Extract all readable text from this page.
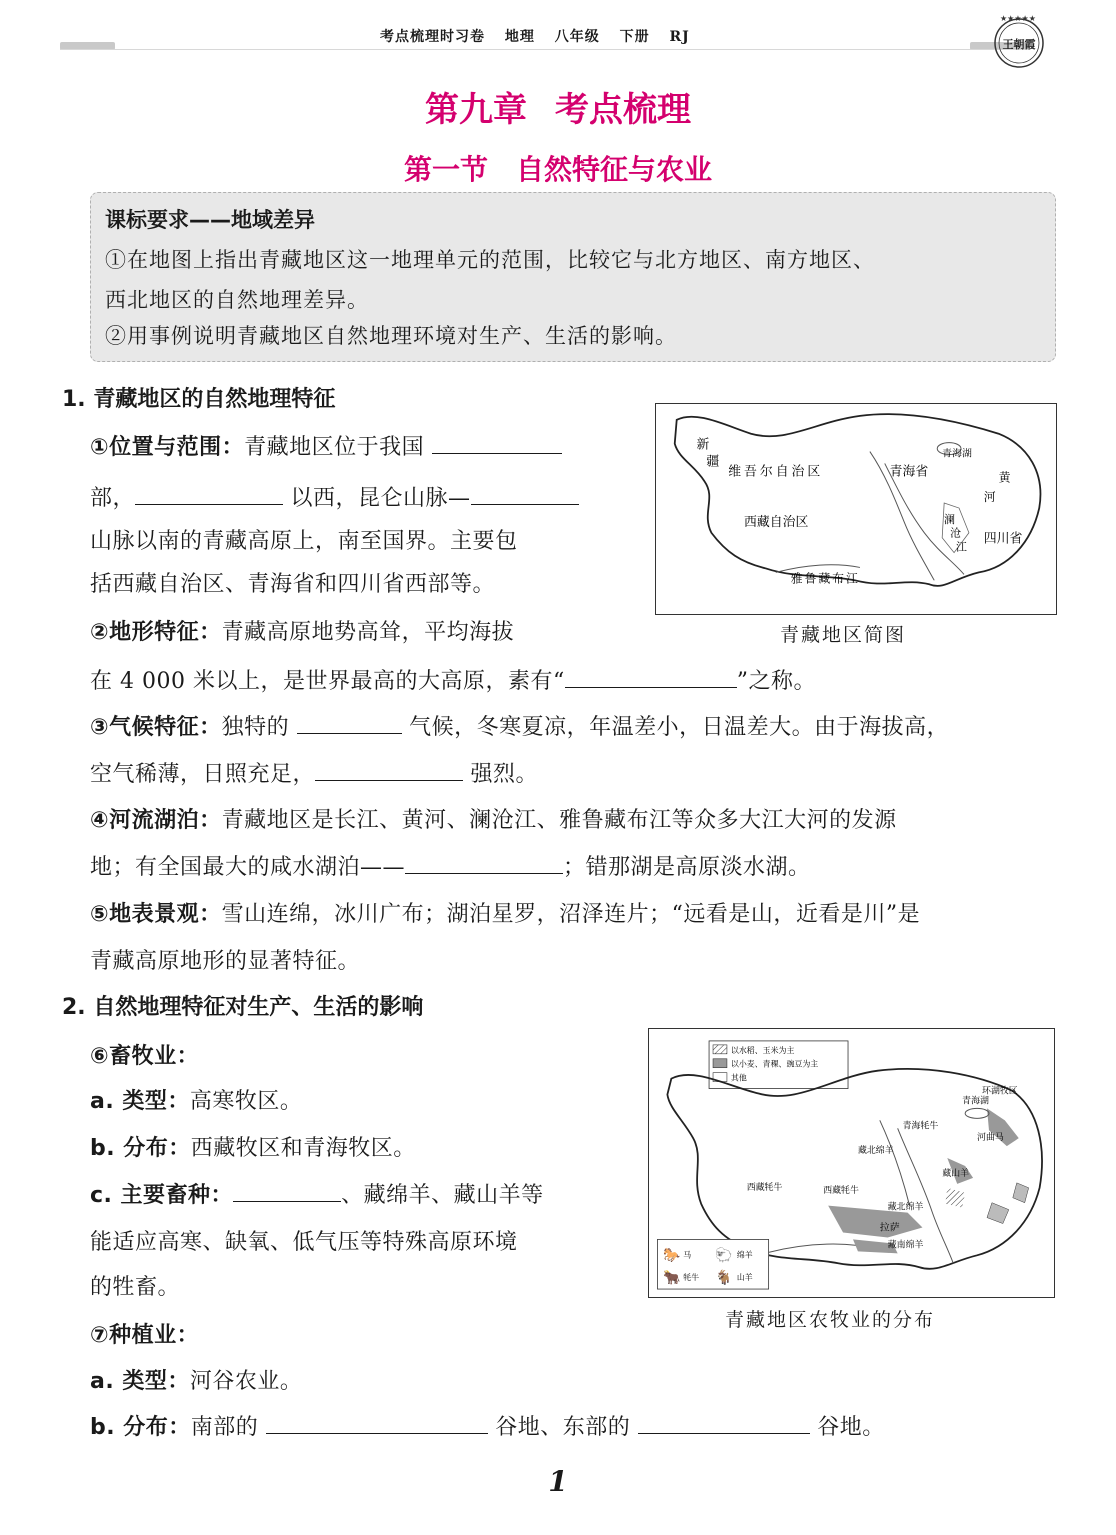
考点梳理时习卷 地理 八年级 下册 RJ
★★★★★
王朝霞
第九章 考点梳理
第一节 自然特征与农业
课标要求——地域差异
①在地图上指出青藏地区这一地理单元的范围，比较它与北方地区、南方地区、
西北地区的自然地理差异。
②用事例说明青藏地区自然地理环境对生产、生活的影响。
1. 青藏地区的自然地理特征
①位置与范围：青藏地区位于我国
部，	以西，昆仑山脉—
山脉以南的青藏高原上，南至国界。主要包
括西藏自治区、青海省和四川省西部等。
②地形特征：青藏高原地势高耸，平均海拔
在 4 000 米以上，是世界最高的大高原，素有“	”之称。
③气候特征：独特的	气候，冬寒夏凉，年温差小，日温差大。由于海拔高，
空气稀薄，日照充足，	强烈。
④河流湖泊：青藏地区是长江、黄河、澜沧江、雅鲁藏布江等众多大江大河的发源
地；有全国最大的咸水湖泊——	；错那湖是高原淡水湖。
⑤地表景观：雪山连绵，冰川广布；湖泊星罗，沼泽连片；“远看是山，近看是川”是
青藏高原地形的显著特征。
新
疆
维吾尔自治区	青海省
青海湖
黄
河
西藏自治区	澜
沧
江
四川省
雅鲁藏布江
青藏地区简图
2. 自然地理特征对生产、生活的影响
⑥畜牧业：
a. 类型：高寒牧区。
b. 分布：西藏牧区和青海牧区。
c. 主要畜种：	、藏绵羊、藏山羊等
能适应高寒、缺氧、低气压等特殊高原环境
的牲畜。
⑦种植业：
a. 类型：河谷农业。
b. 分布：南部的	谷地、东部的	谷地。
以水稻、玉米为主
以小麦、青稞、豌豆为主
其他
青海湖
环湖牧区
青海牦牛
河曲马
藏北绵羊
西藏牦牛	西藏牦牛
藏山羊
藏北绵羊
拉萨
藏南绵羊
🐎 马 🐑 绵羊
🐂 牦牛 🐐 山羊
青藏地区农牧业的分布
1
